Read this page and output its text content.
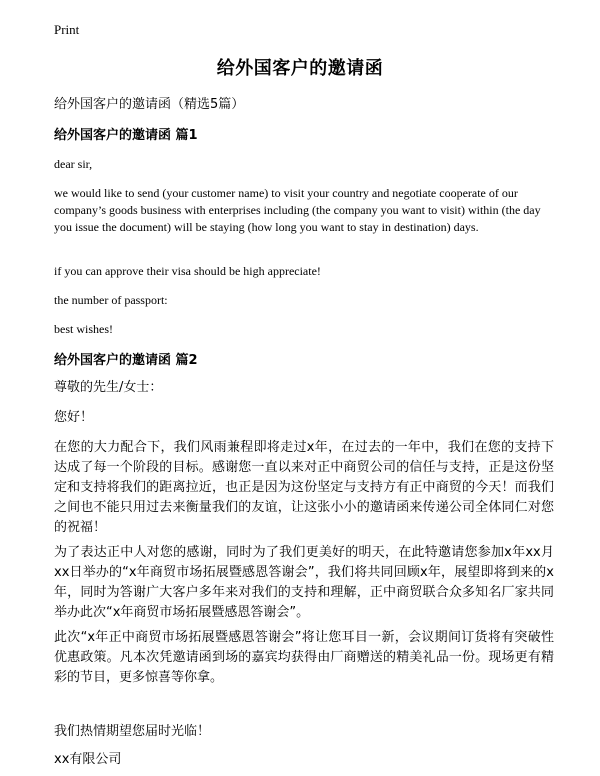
Print
给外国客户的邀请函
给外国客户的邀请函（精选5篇）
给外国客户的邀请函 篇1

dear sir,

we would like to send (your customer name) to visit your country and negotiate cooperate of our company’s goods business with enterprises including (the company you want to visit) within (the day you issue the document) will be staying (how long you want to stay in destination) days.

if you can approve their visa should be high appreciate!

the number of passport:

best wishes!

给外国客户的邀请函 篇2

尊敬的先生/女士：

您好！

在您的大力配合下，我们风雨兼程即将走过x年，在过去的一年中，我们在您的支持下达成了每一个阶段的目标。感谢您一直以来对正中商贸公司的信任与支持，正是这份坚定和支持将我们的距离拉近，也正是因为这份坚定与支持方有正中商贸的今天！而我们之间也不能只用过去来衡量我们的友谊，让这张小小的邀请函来传递公司全体同仁对您的祝福！

为了表达正中人对您的感谢，同时为了我们更美好的明天，在此特邀请您参加x年xx月xx日举办的“x年商贸市场拓展暨感恩答谢会”，我们将共同回顾x年，展望即将到来的x年，同时为答谢广大客户多年来对我们的支持和理解，正中商贸联合众多知名厂家共同举办此次“x年商贸市场拓展暨感恩答谢会”。

此次“x年正中商贸市场拓展暨感恩答谢会”将让您耳目一新，会议期间订货将有突破性优惠政策。凡本次凭邀请函到场的嘉宾均获得由厂商赠送的精美礼品一份。现场更有精彩的节目，更多惊喜等你拿。

我们热情期望您届时光临！

xx有限公司
